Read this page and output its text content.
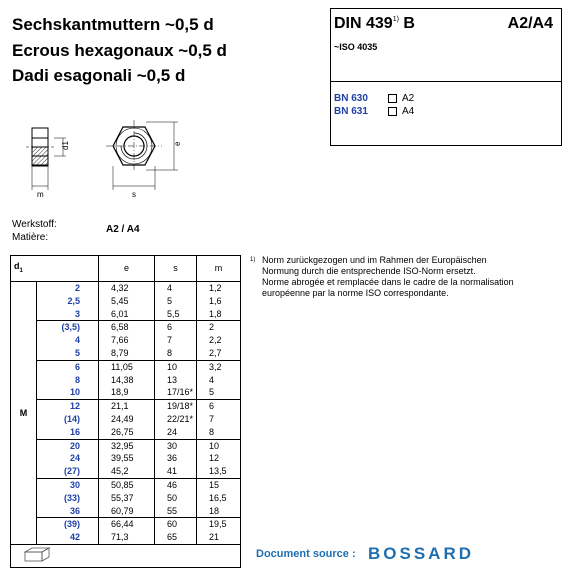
Sechskantmuttern ~0,5 d
Ecrous hexagonaux ~0,5 d
Dadi esagonali ~0,5 d
DIN 439$^{1)}$ B	A2/A4
~ISO 4035
BN 630	A2
BN 631	A4
d1
m	s
e
Werkstoff:
Matière:
A2 / A4
$d_1$		e	s	m
M	2	4,32	4	1,2
	2,5	5,45	5	1,6
	3	6,01	5,5	1,8
	(3,5)	6,58	6	2
	4	7,66	7	2,2
	5	8,79	8	2,7
	6	11,05	10	3,2
	8	14,38	13	4
	10	18,9	17/16*	5
	12	21,1	19/18*	6
	(14)	24,49	22/21*	7
	16	26,75	24	8
	20	32,95	30	10
	24	39,55	36	12
	(27)	45,2	41	13,5
	30	50,85	46	15
	(33)	55,37	50	16,5
	36	60,79	55	18
	(39)	66,44	60	19,5
	42	71,3	65	21

1) Norm zurückgezogen und im Rahmen der Europäischen
Normung durch die entsprechende ISO-Norm ersetzt.
Norme abrogée et remplacée dans le cadre de la normalisation
européenne par la norme ISO correspondante.
Document source : BOSSARD
